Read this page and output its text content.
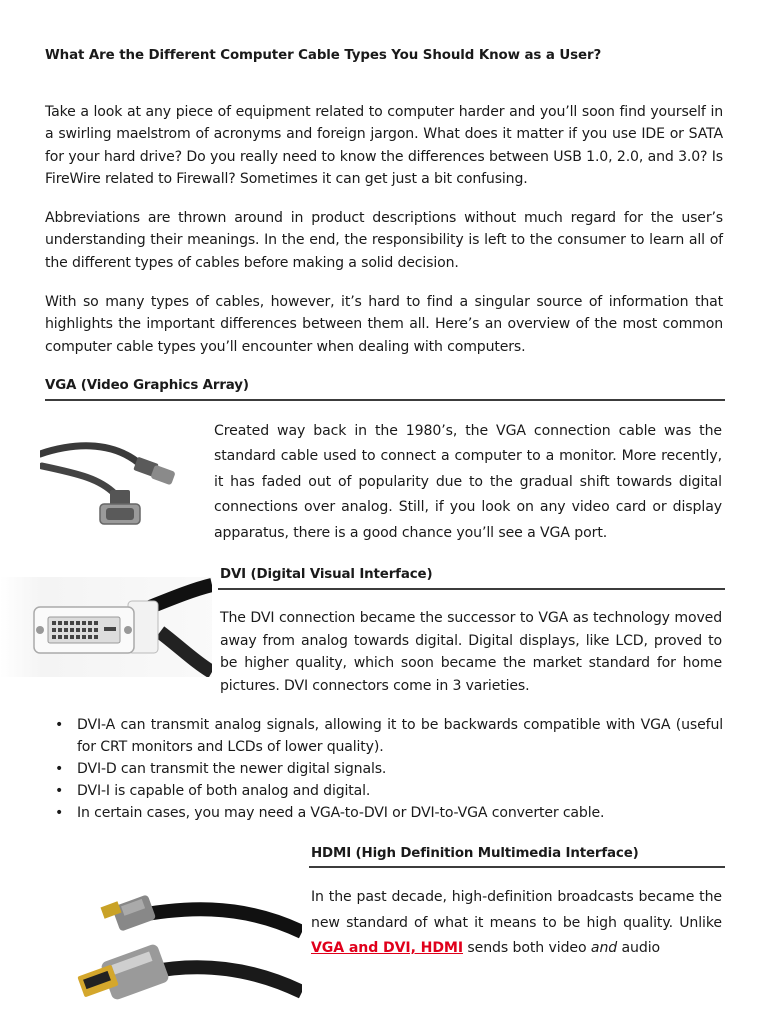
What Are the Different Computer Cable Types You Should Know as a User?

Take a look at any piece of equipment related to computer harder and you’ll soon find yourself in a swirling maelstrom of acronyms and foreign jargon. What does it matter if you use IDE or SATA for your hard drive? Do you really need to know the differences between USB 1.0, 2.0, and 3.0? Is FireWire related to Firewall? Sometimes it can get just a bit confusing.

Abbreviations are thrown around in product descriptions without much regard for the user’s understanding their meanings. In the end, the responsibility is left to the consumer to learn all of the different types of cables before making a solid decision.

With so many types of cables, however, it’s hard to find a singular source of information that highlights the important differences between them all. Here’s an overview of the most common computer cable types you’ll encounter when dealing with computers.

VGA (Video Graphics Array)

Created way back in the 1980’s, the VGA connection cable was the standard cable used to connect a computer to a monitor. More recently, it has faded out of popularity due to the gradual shift towards digital connections over analog. Still, if you look on any video card or display apparatus, there is a good chance you’ll see a VGA port.

DVI (Digital Visual Interface)

The DVI connection became the successor to VGA as technology moved away from analog towards digital. Digital displays, like LCD, proved to be higher quality, which soon became the market standard for home pictures. DVI connectors come in 3 varieties.

• DVI-A can transmit analog signals, allowing it to be backwards compatible with VGA (useful for CRT monitors and LCDs of lower quality).
• DVI-D can transmit the newer digital signals.
• DVI-I is capable of both analog and digital.
• In certain cases, you may need a VGA-to-DVI or DVI-to-VGA converter cable.
HDMI (High Definition Multimedia Interface)

In the past decade, high-definition broadcasts became the new standard of what it means to be high quality. Unlike VGA and DVI, HDMI sends both video and audio
